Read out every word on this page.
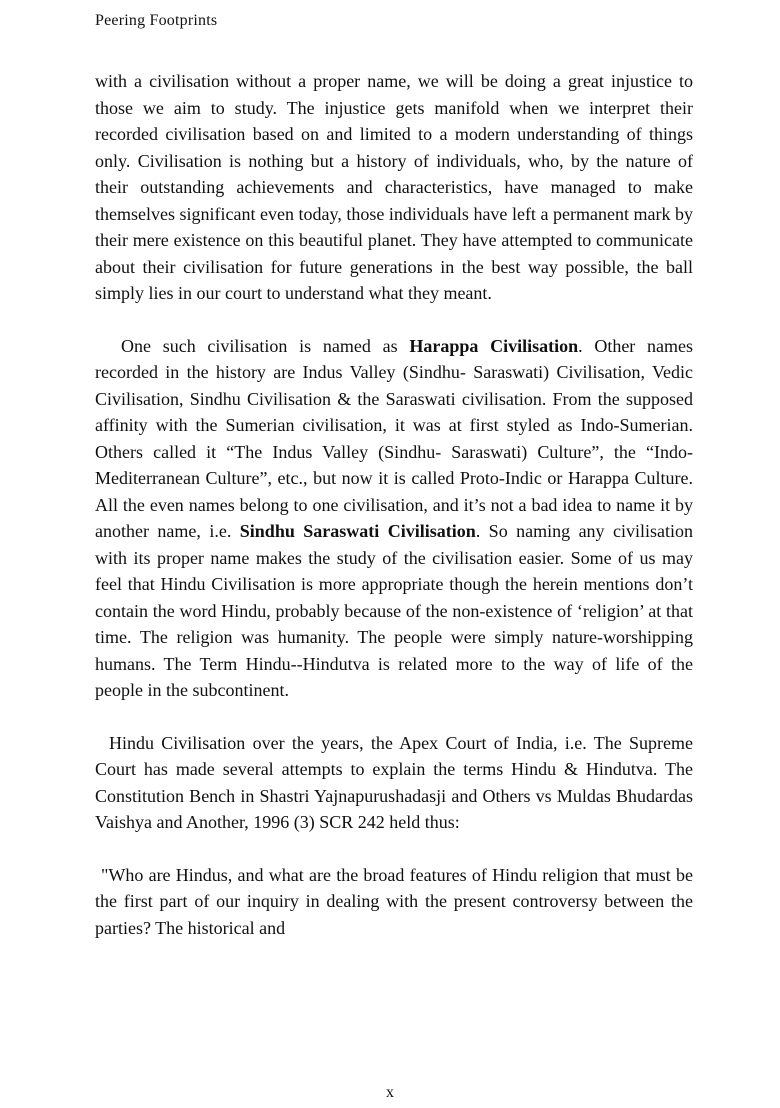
Peering Footprints

with a civilisation without a proper name, we will be doing a great injustice to those we aim to study. The injustice gets manifold when we interpret their recorded civilisation based on and limited to a modern understanding of things only. Civilisation is nothing but a history of individuals, who, by the nature of their outstanding achievements and characteristics, have managed to make themselves significant even today, those individuals have left a permanent mark by their mere existence on this beautiful planet. They have attempted to communicate about their civilisation for future generations in the best way possible, the ball simply lies in our court to understand what they meant.

One such civilisation is named as Harappa Civilisation. Other names recorded in the history are Indus Valley (Sindhu- Saraswati) Civilisation, Vedic Civilisation, Sindhu Civilisation & the Saraswati civilisation. From the supposed affinity with the Sumerian civilisation, it was at first styled as Indo-Sumerian. Others called it “The Indus Valley (Sindhu- Saraswati) Culture”, the “Indo-Mediterranean Culture”, etc., but now it is called Proto-Indic or Harappa Culture. All the even names belong to one civilisation, and it’s not a bad idea to name it by another name, i.e. Sindhu Saraswati Civilisation. So naming any civilisation with its proper name makes the study of the civilisation easier. Some of us may feel that Hindu Civilisation is more appropriate though the herein mentions don’t contain the word Hindu, probably because of the non-existence of ‘religion’ at that time. The religion was humanity. The people were simply nature-worshipping humans. The Term Hindu--Hindutva is related more to the way of life of the people in the subcontinent.

Hindu Civilisation over the years, the Apex Court of India, i.e. The Supreme Court has made several attempts to explain the terms Hindu & Hindutva. The Constitution Bench in Shastri Yajnapurushadasji and Others vs Muldas Bhudardas Vaishya and Another, 1996 (3) SCR 242 held thus:

"Who are Hindus, and what are the broad features of Hindu religion that must be the first part of our inquiry in dealing with the present controversy between the parties? The historical and

x
